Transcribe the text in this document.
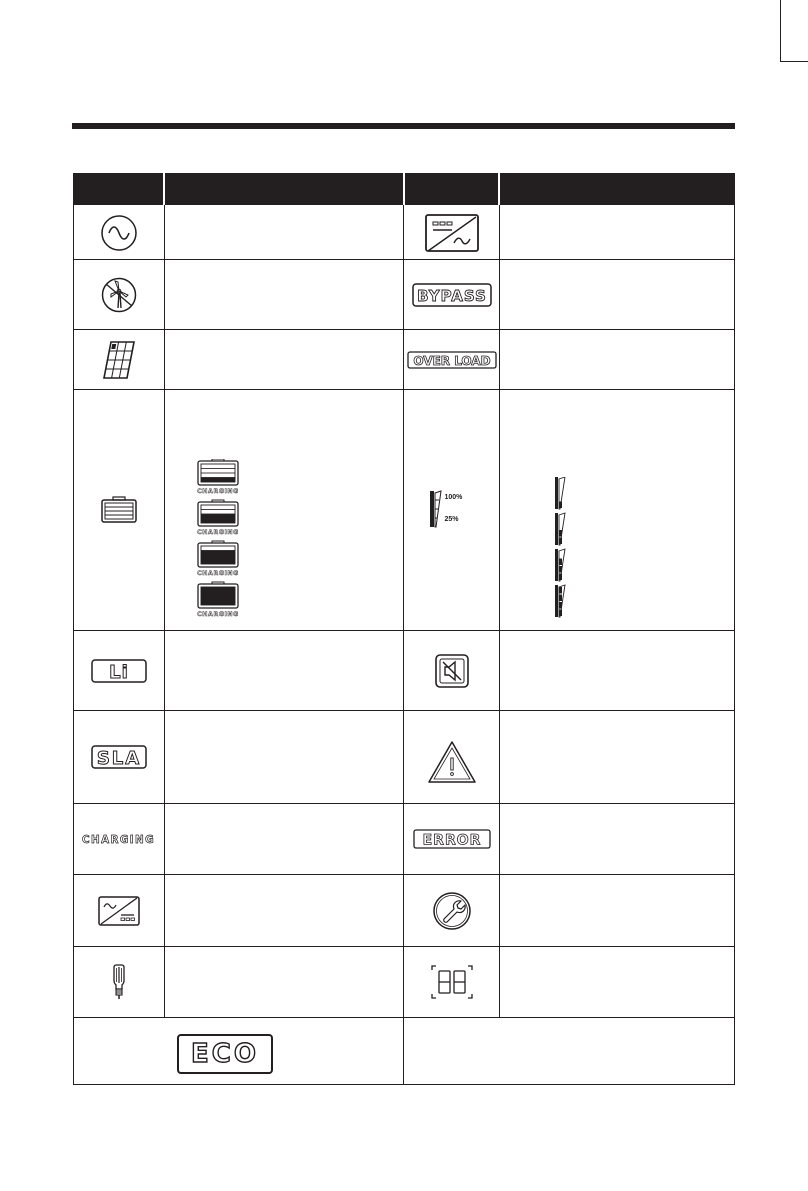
BYPASS
OVER LOAD
CHARGING
CHARGING
CHARGING
CHARGING
100%
25%
Li
SLA
CHARGING	ERROR
ECO
